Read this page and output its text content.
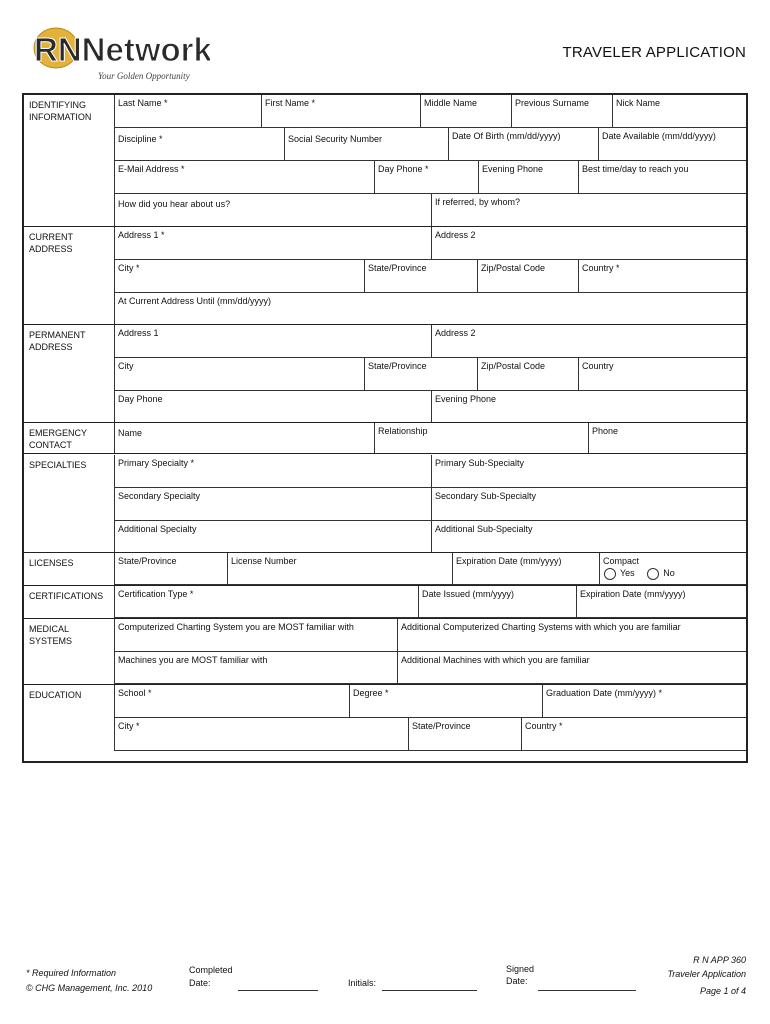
RNNetwork
Your Golden Opportunity
TRAVELER APPLICATION
IDENTIFYING INFORMATION
Last Name *	First Name *	Middle Name	Previous Surname	Nick Name
Discipline *	Social Security Number	Date Of Birth (mm/dd/yyyy)	Date Available (mm/dd/yyyy)
E-Mail Address *	Day Phone *	Evening Phone	Best time/day to reach you
How did you hear about us?	If referred, by whom?
CURRENT ADDRESS
Address 1 *	Address 2
City *	State/Province	Zip/Postal Code	Country *
At Current Address Until (mm/dd/yyyy)
PERMANENT ADDRESS
Address 1	Address 2
City	State/Province	Zip/Postal Code	Country
Day Phone	Evening Phone
EMERGENCY CONTACT
Name	Relationship	Phone
SPECIALTIES	Primary Specialty *	Primary Sub-Specialty
Secondary Specialty	Secondary Sub-Specialty
Additional Specialty	Additional Sub-Specialty
LICENSES	State/Province	License Number	Expiration Date (mm/yyyy)	Compact
Yes	No
CERTIFICATIONS	Certification Type *	Date Issued (mm/yyyy)	Expiration Date (mm/yyyy)
MEDICAL SYSTEMS
Computerized Charting System you are MOST familiar with	Additional Computerized Charting Systems with which you are familiar
Machines you are MOST familiar with	Additional Machines with which you are familiar
EDUCATION	School *	Degree *	Graduation Date (mm/yyyy) *
City *	State/Province	Country *
* Required Information
© CHG Management, Inc. 2010
Completed
Date:	Initials:
Signed
Date:
R N APP 360
Traveler Application
Page 1 of 4
